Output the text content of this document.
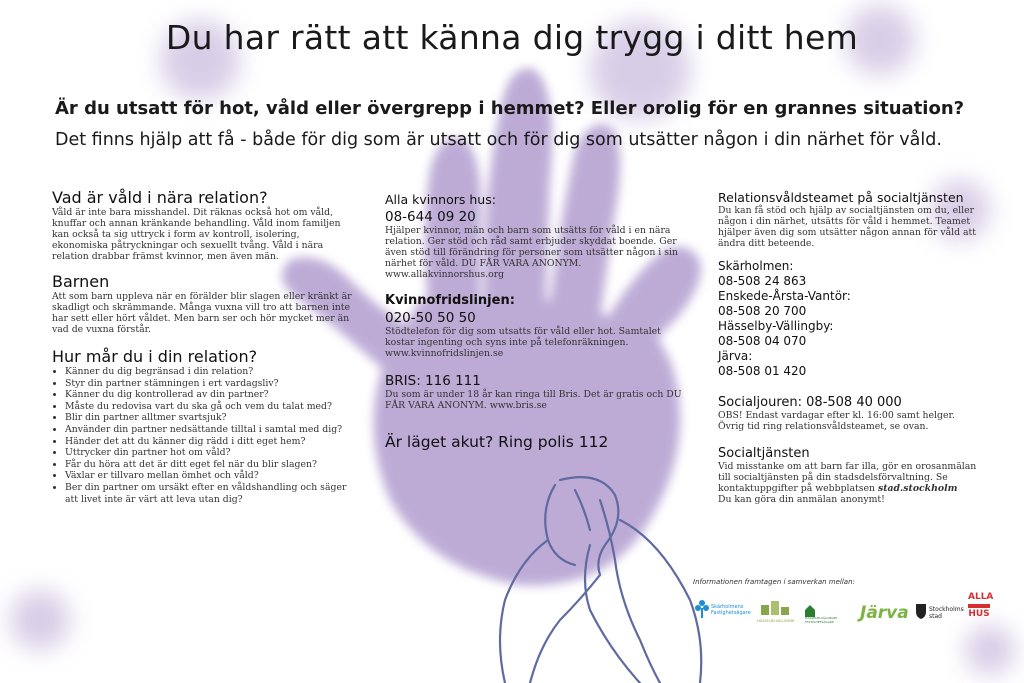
Du har rätt att känna dig trygg i ditt hem
Är du utsatt för hot, våld eller övergrepp i hemmet? Eller orolig för en grannes situation?
Det finns hjälp att få - både för dig som är utsatt och för dig som utsätter någon i din närhet för våld.
Vad är våld i nära relation?

Våld är inte bara misshandel. Dit räknas också hot om våld, knuffar och annan kränkande behandling. Våld inom familjen kan också ta sig uttryck i form av kontroll, isolering, ekonomiska påtryckningar och sexuellt tvång. Våld i nära relation drabbar främst kvinnor, men även män.

Barnen

Att som barn uppleva när en förälder blir slagen eller kränkt är skadligt och skrämmande. Många vuxna vill tro att barnen inte har sett eller hört våldet. Men barn ser och hör mycket mer än vad de vuxna förstår.

Hur mår du i din relation?
• Känner du dig begränsad i din relation?
• Styr din partner stämningen i ert vardagsliv?
• Känner du dig kontrollerad av din partner?
• Måste du redovisa vart du ska gå och vem du talat med?
• Blir din partner alltmer svartsjuk?
• Använder din partner nedsättande tilltal i samtal med dig?
• Händer det att du känner dig rädd i ditt eget hem?
• Uttrycker din partner hot om våld?
• Får du höra att det är ditt eget fel när du blir slagen?
• Växlar er tillvaro mellan ömhet och våld?
• Ber din partner om ursäkt efter en våldshandling och säger att livet inte är värt att leva utan dig?
Alla kvinnors hus:
08-644 09 20

Hjälper kvinnor, män och barn som utsätts för våld i en nära relation. Ger stöd och råd samt erbjuder skyddat boende. Ger även stöd till förändring för personer som utsätter någon i sin närhet för våld. DU FÅR VARA ANONYM.

www.allakvinnorshus.org

Kvinnofridslinjen:
020-50 50 50

Stödtelefon för dig som utsatts för våld eller hot. Samtalet kostar ingenting och syns inte på telefonräkningen.

www.kvinnofridslinjen.se

BRIS: 116 111

Du som är under 18 år kan ringa till Bris. Det är gratis och DU FÅR VARA ANONYM. www.bris.se

Är läget akut? Ring polis 112
Relationsvåldsteamet på socialtjänsten

Du kan få stöd och hjälp av socialtjänsten om du, eller någon i din närhet, utsätts för våld i hemmet. Teamet hjälper även dig som utsätter någon annan för våld att ändra ditt beteende.

Skärholmen:
08-508 24 863
Enskede-Årsta-Vantör:
08-508 20 700
Hässelby-Vällingby:
08-508 04 070
Järva:
08-508 01 420
Socialjouren: 08-508 40 000

OBS! Endast vardagar efter kl. 16:00 samt helger. Övrig tid ring relationsvåldsteamet, se ovan.

Socialtjänsten

Vid misstanke om att barn far illa, gör en orosanmälan till socialtjänsten på din stadsdelsförvaltning. Se kontaktuppgifter på webbplatsen stad.stockholm
Du kan göra din anmälan anonymt!

Informationen framtagen i samverkan mellan:
Skärholmens
Fastighetsägare
HÄSSELBY-VÄLLINGBY
HÄSSELBY-VÄLLINGBY FASTIGHETSÄGARE	Järva	Stockholms
stad
ALLA
HUS
